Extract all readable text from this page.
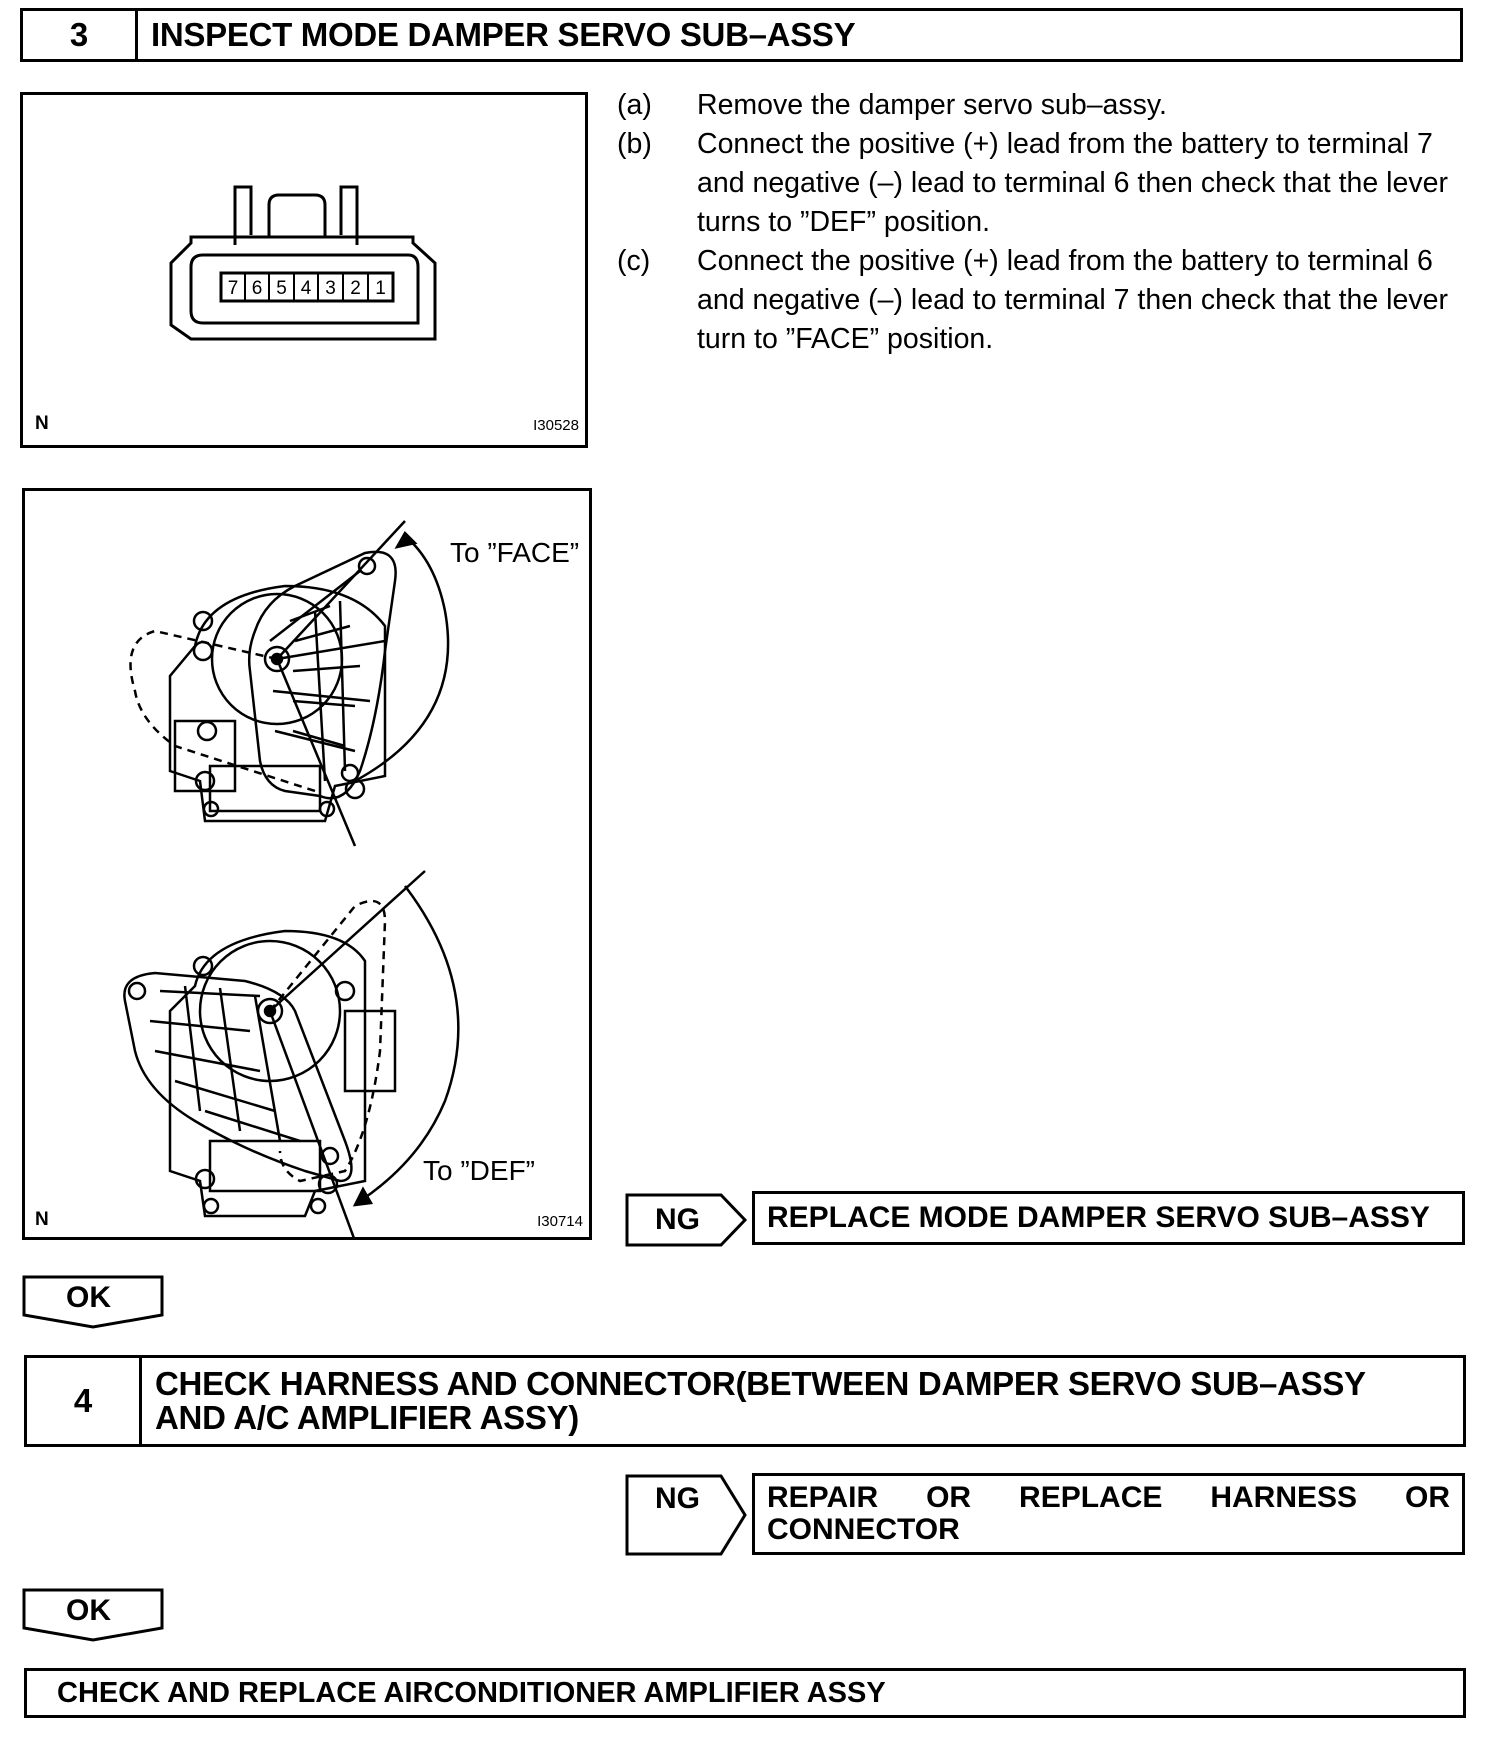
3	INSPECT MODE DAMPER SERVO SUB–ASSY
7 6 5 4 3 2 1
N	I30528
(a)	Remove the damper servo sub–assy.
(b)	Connect the positive (+) lead from the battery to terminal 7 and negative (–) lead to terminal 6 then check that the lever turns to ”DEF” position.
(c)	Connect the positive (+) lead from the battery to terminal 6 and negative (–) lead to terminal 7 then check that the lever turn to ”FACE” position.
To ”FACE”
To ”DEF”
N	I30714 NG	REPLACE MODE DAMPER SERVO SUB–ASSY
OK
4	CHECK HARNESS AND CONNECTOR(BETWEEN DAMPER SERVO SUB–ASSY
AND A/C AMPLIFIER ASSY)
NG REPAIR OR REPLACE HARNESS OR
CONNECTOR
OK
CHECK AND REPLACE AIRCONDITIONER AMPLIFIER ASSY
